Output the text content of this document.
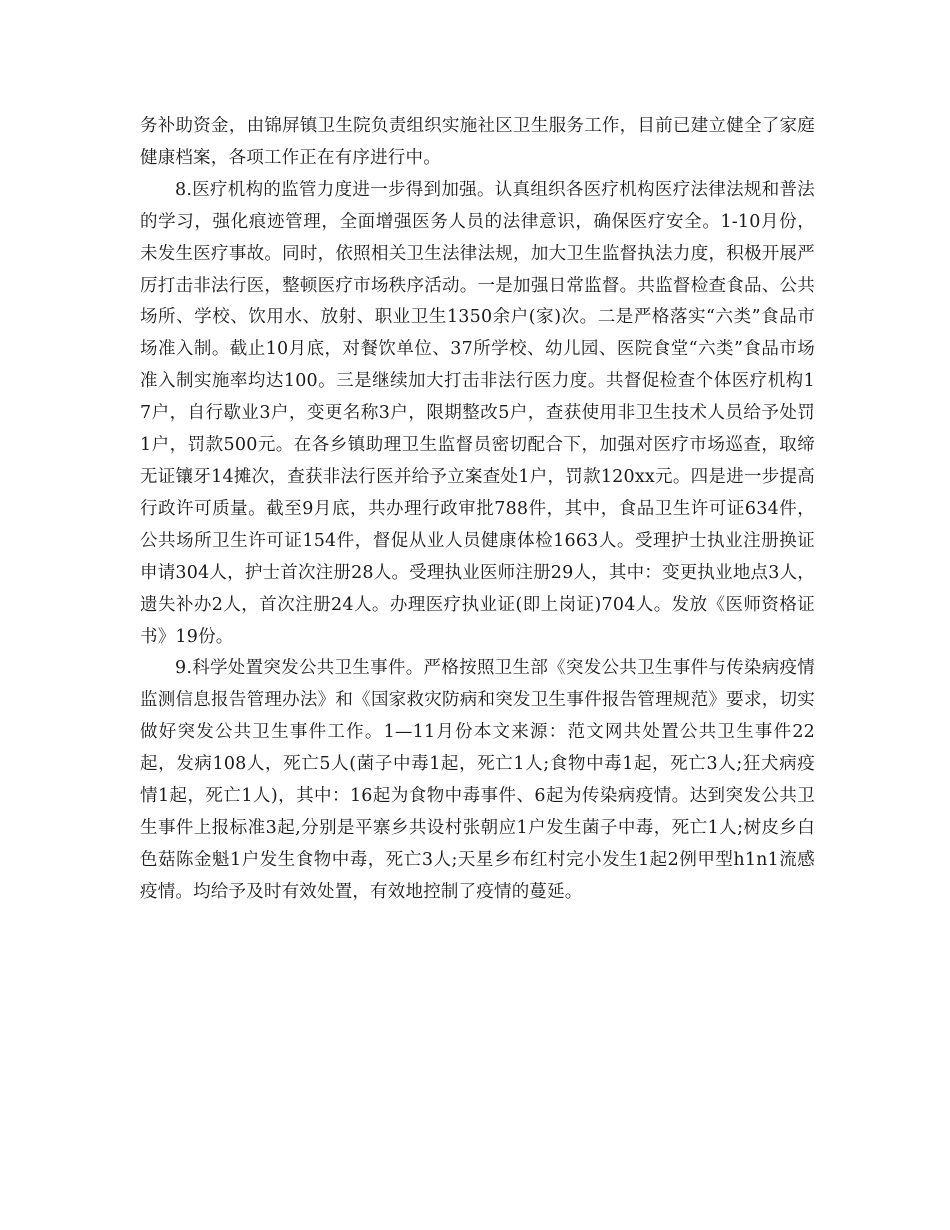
务补助资金，由锦屏镇卫生院负责组织实施社区卫生服务工作，目前已建立健全了家庭健康档案，各项工作正在有序进行中。

8.医疗机构的监管力度进一步得到加强。认真组织各医疗机构医疗法律法规和普法的学习，强化痕迹管理，全面增强医务人员的法律意识，确保医疗安全。1-10月份，未发生医疗事故。同时，依照相关卫生法律法规，加大卫生监督执法力度，积极开展严厉打击非法行医，整顿医疗市场秩序活动。一是加强日常监督。共监督检查食品、公共场所、学校、饮用水、放射、职业卫生1350余户(家)次。二是严格落实“六类”食品市场准入制。截止10月底，对餐饮单位、37所学校、幼儿园、医院食堂“六类”食品市场准入制实施率均达100。三是继续加大打击非法行医力度。共督促检查个体医疗机构17户，自行歇业3户，变更名称3户，限期整改5户，查获使用非卫生技术人员给予处罚1户，罚款500元。在各乡镇助理卫生监督员密切配合下，加强对医疗市场巡查，取缔无证镶牙14摊次，查获非法行医并给予立案查处1户，罚款120xx元。四是进一步提高行政许可质量。截至9月底，共办理行政审批788件，其中，食品卫生许可证634件，公共场所卫生许可证154件，督促从业人员健康体检1663人。受理护士执业注册换证申请304人，护士首次注册28人。受理执业医师注册29人，其中：变更执业地点3人，遗失补办2人，首次注册24人。办理医疗执业证(即上岗证)704人。发放《医师资格证书》19份。

9.科学处置突发公共卫生事件。严格按照卫生部《突发公共卫生事件与传染病疫情监测信息报告管理办法》和《国家救灾防病和突发卫生事件报告管理规范》要求，切实做好突发公共卫生事件工作。1—11月份本文来源：范文网共处置公共卫生事件22起，发病108人，死亡5人(菌子中毒1起，死亡1人;食物中毒1起，死亡3人;狂犬病疫情1起，死亡1人)，其中：16起为食物中毒事件、6起为传染病疫情。达到突发公共卫生事件上报标准3起,分别是平寨乡共设村张朝应1户发生菌子中毒，死亡1人;树皮乡白色菇陈金魁1户发生食物中毒，死亡3人;天星乡布红村完小发生1起2例甲型h1n1流感疫情。均给予及时有效处置，有效地控制了疫情的蔓延。
